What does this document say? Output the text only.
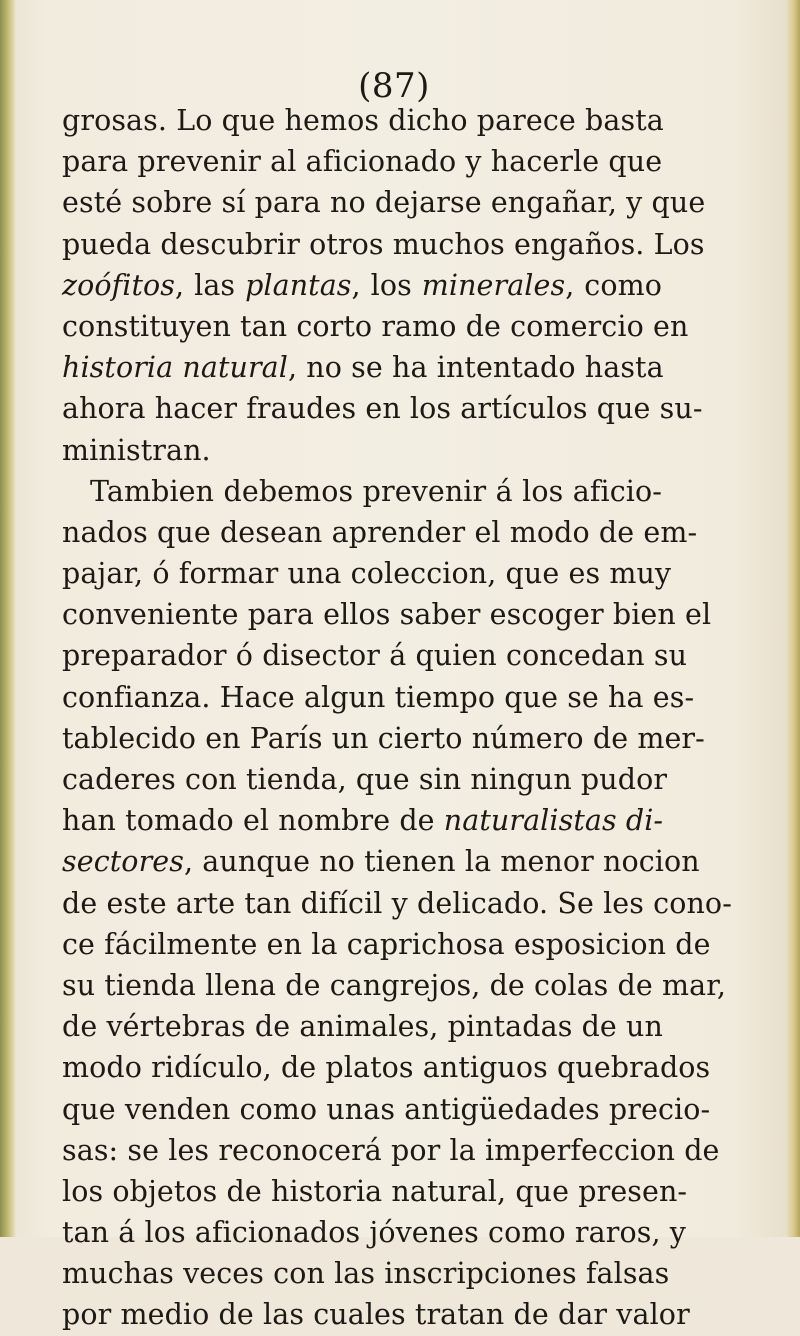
(87)
grosas. Lo que hemos dicho parece basta
para prevenir al aficionado y hacerle que
esté sobre sí para no dejarse engañar, y que
pueda descubrir otros muchos engaños. Los
zoófitos, las plantas, los minerales, como
constituyen tan corto ramo de comercio en
historia natural, no se ha intentado hasta
ahora hacer fraudes en los artículos que su-
ministran.
Tambien debemos prevenir á los aficio-
nados que desean aprender el modo de em-
pajar, ó formar una coleccion, que es muy
conveniente para ellos saber escoger bien el
preparador ó disector á quien concedan su
confianza. Hace algun tiempo que se ha es-
tablecido en París un cierto número de mer-
caderes con tienda, que sin ningun pudor
han tomado el nombre de naturalistas di-
sectores, aunque no tienen la menor nocion
de este arte tan difícil y delicado. Se les cono-
ce fácilmente en la caprichosa esposicion de
su tienda llena de cangrejos, de colas de mar,
de vértebras de animales, pintadas de un
modo ridículo, de platos antiguos quebrados
que venden como unas antigüedades precio-
sas: se les reconocerá por la imperfeccion de
los objetos de historia natural, que presen-
tan á los aficionados jóvenes como raros, y
muchas veces con las inscripciones falsas
por medio de las cuales tratan de dar valor
